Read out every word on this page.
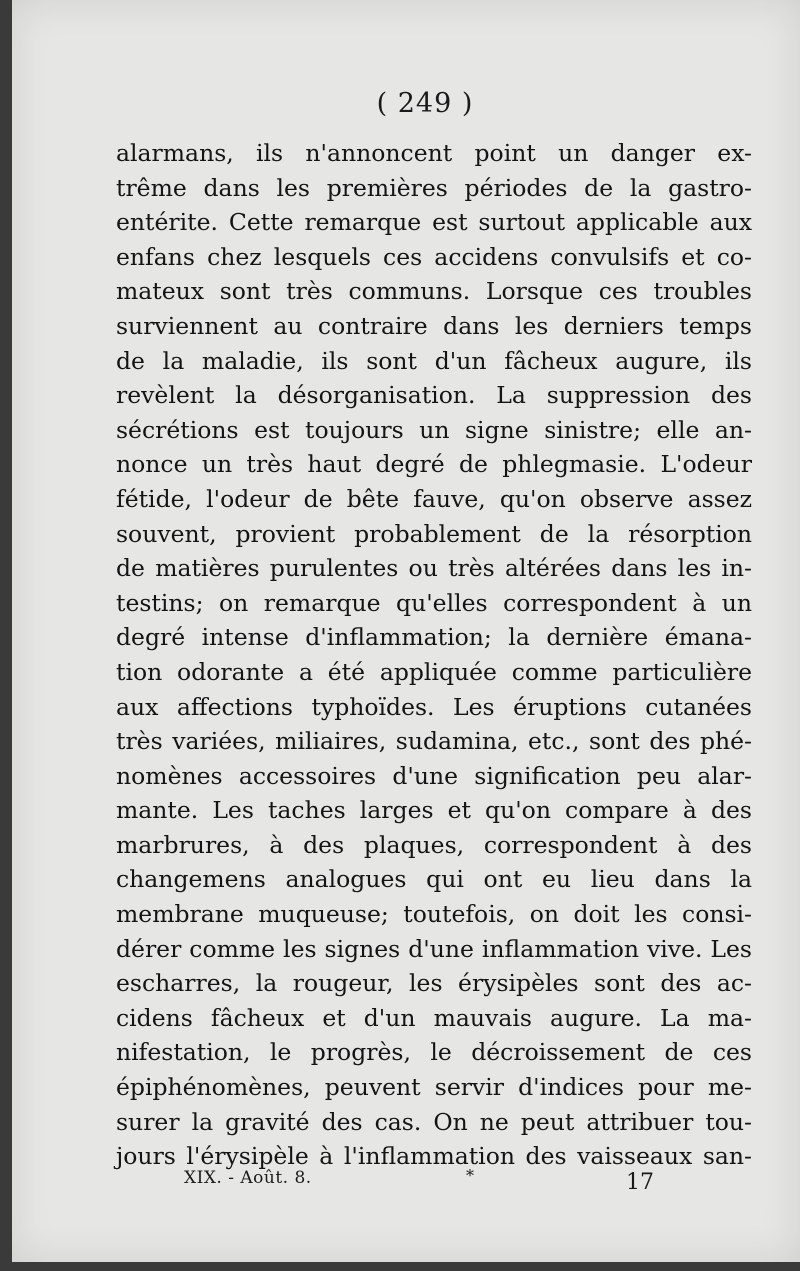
( 249 )
alarmans, ils n'annoncent point un danger ex-
trême dans les premières périodes de la gastro-
entérite. Cette remarque est surtout applicable aux
enfans chez lesquels ces accidens convulsifs et co-
mateux sont très communs. Lorsque ces troubles
surviennent au contraire dans les derniers temps
de la maladie, ils sont d'un fâcheux augure, ils
revèlent la désorganisation. La suppression des
sécrétions est toujours un signe sinistre; elle an-
nonce un très haut degré de phlegmasie. L'odeur
fétide, l'odeur de bête fauve, qu'on observe assez
souvent, provient probablement de la résorption
de matières purulentes ou très altérées dans les in-
testins; on remarque qu'elles correspondent à un
degré intense d'inflammation; la dernière émana-
tion odorante a été appliquée comme particulière
aux affections typhoïdes. Les éruptions cutanées
très variées, miliaires, sudamina, etc., sont des phé-
nomènes accessoires d'une signification peu alar-
mante. Les taches larges et qu'on compare à des
marbrures, à des plaques, correspondent à des
changemens analogues qui ont eu lieu dans la
membrane muqueuse; toutefois, on doit les consi-
dérer comme les signes d'une inflammation vive. Les
escharres, la rougeur, les érysipèles sont des ac-
cidens fâcheux et d'un mauvais augure. La ma-
nifestation, le progrès, le décroissement de ces
épiphénomènes, peuvent servir d'indices pour me-
surer la gravité des cas. On ne peut attribuer tou-
jours l'érysipèle à l'inflammation des vaisseaux san-
XIX. - Août. 8.	*	17
